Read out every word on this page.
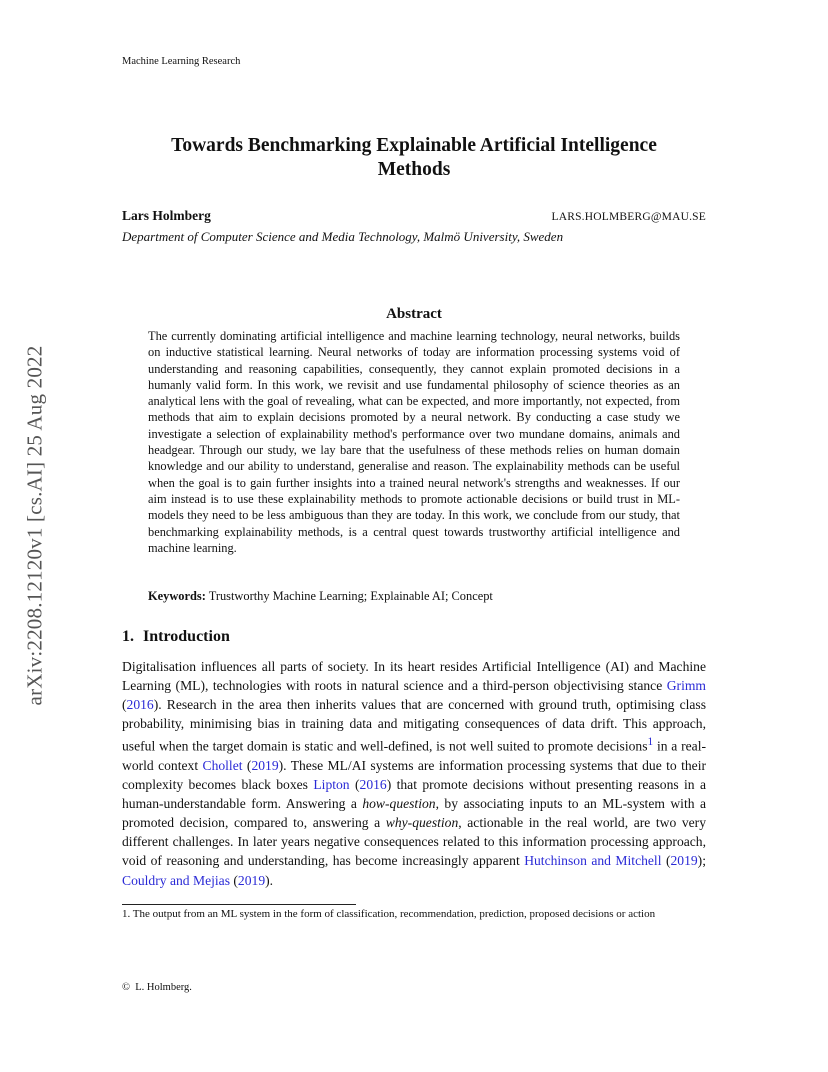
Machine Learning Research
arXiv:2208.12120v1 [cs.AI] 25 Aug 2022
Towards Benchmarking Explainable Artificial Intelligence
Methods
Lars Holmberg	LARS.HOLMBERG@MAU.SE
Department of Computer Science and Media Technology, Malmö University, Sweden
Abstract

The currently dominating artificial intelligence and machine learning technology, neural networks, builds on inductive statistical learning. Neural networks of today are information processing systems void of understanding and reasoning capabilities, consequently, they cannot explain promoted decisions in a humanly valid form. In this work, we revisit and use fundamental philosophy of science theories as an analytical lens with the goal of revealing, what can be expected, and more importantly, not expected, from methods that aim to explain decisions promoted by a neural network. By conducting a case study we investigate a selection of explainability method's performance over two mundane domains, animals and headgear. Through our study, we lay bare that the usefulness of these methods relies on human domain knowledge and our ability to understand, generalise and reason. The explainability methods can be useful when the goal is to gain further insights into a trained neural network's strengths and weaknesses. If our aim instead is to use these explainability methods to promote actionable decisions or build trust in ML-models they need to be less ambiguous than they are today. In this work, we conclude from our study, that benchmarking explainability methods, is a central quest towards trustworthy artificial intelligence and machine learning.

Keywords: Trustworthy Machine Learning; Explainable AI; Concept
1. Introduction

Digitalisation influences all parts of society. In its heart resides Artificial Intelligence (AI) and Machine Learning (ML), technologies with roots in natural science and a third-person objectivising stance Grimm (2016). Research in the area then inherits values that are concerned with ground truth, optimising class probability, minimising bias in training data and mitigating consequences of data drift. This approach, useful when the target domain is static and well-defined, is not well suited to promote decisions$^1$ in a real-world context Chollet (2019). These ML/AI systems are information processing systems that due to their complexity becomes black boxes Lipton (2016) that promote decisions without presenting reasons in a human-understandable form. Answering a how-question, by associating inputs to an ML-system with a promoted decision, compared to, answering a why-question, actionable in the real world, are two very different challenges. In later years negative consequences related to this information processing approach, void of reasoning and understanding, has become increasingly apparent Hutchinson and Mitchell (2019); Couldry and Mejias (2019).

1. The output from an ML system in the form of classification, recommendation, prediction, proposed decisions or action
© L. Holmberg.
